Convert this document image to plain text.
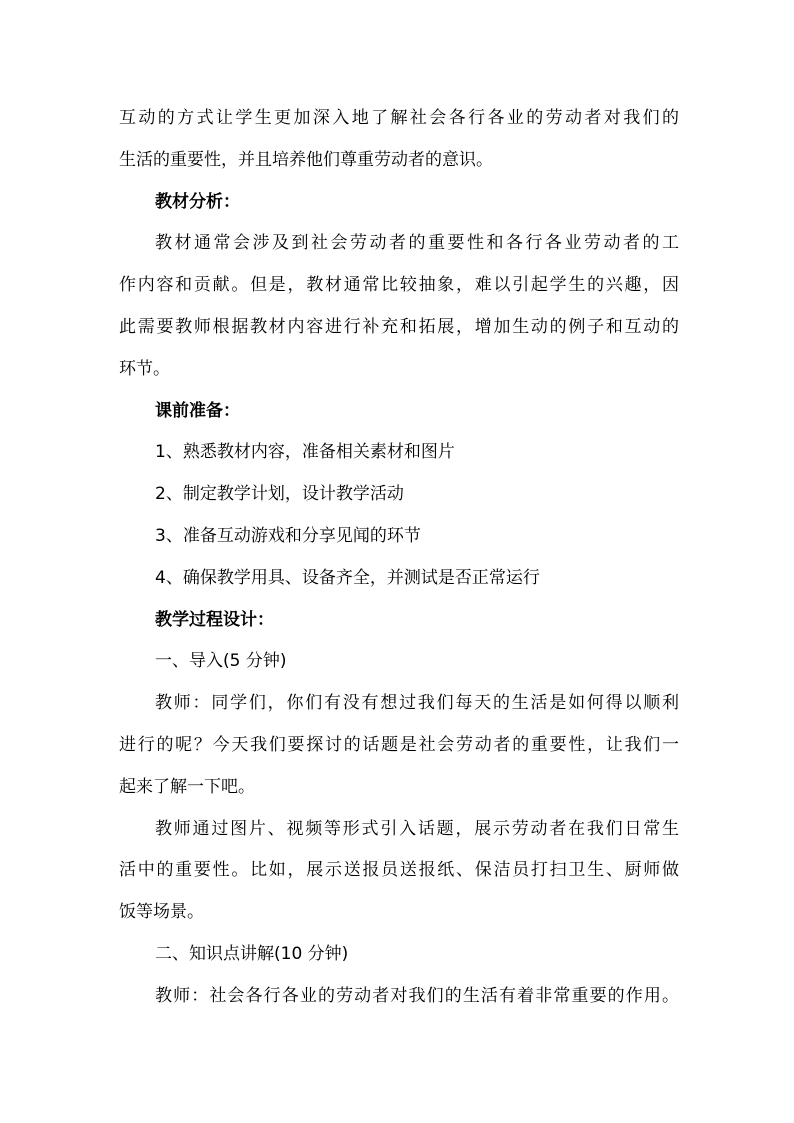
互动的方式让学生更加深入地了解社会各行各业的劳动者对我们的
生活的重要性，并且培养他们尊重劳动者的意识。
教材分析：
教材通常会涉及到社会劳动者的重要性和各行各业劳动者的工
作内容和贡献。但是，教材通常比较抽象，难以引起学生的兴趣，因
此需要教师根据教材内容进行补充和拓展，增加生动的例子和互动的
环节。
课前准备：
1、熟悉教材内容，准备相关素材和图片
2、制定教学计划，设计教学活动
3、准备互动游戏和分享见闻的环节
4、确保教学用具、设备齐全，并测试是否正常运行
教学过程设计：
一、导入(5 分钟)
教师：同学们，你们有没有想过我们每天的生活是如何得以顺利
进行的呢？今天我们要探讨的话题是社会劳动者的重要性，让我们一
起来了解一下吧。
教师通过图片、视频等形式引入话题，展示劳动者在我们日常生
活中的重要性。比如，展示送报员送报纸、保洁员打扫卫生、厨师做
饭等场景。
二、知识点讲解(10 分钟)
教师：社会各行各业的劳动者对我们的生活有着非常重要的作用。
